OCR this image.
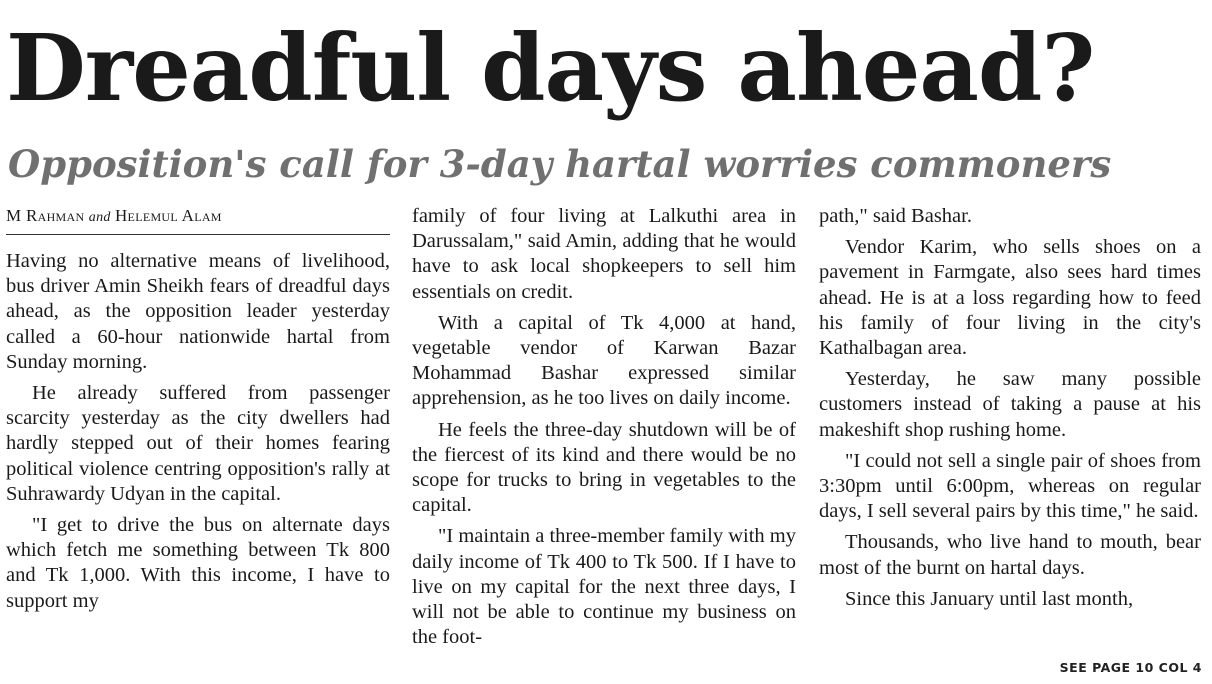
Dreadful days ahead?
Opposition's call for 3-day hartal worries commoners
M Rahman and Helemul Alam

Having no alternative means of livelihood, bus driver Amin Sheikh fears of dreadful days ahead, as the opposition leader yesterday called a 60-hour nationwide hartal from Sunday morning.

He already suffered from passenger scarcity yesterday as the city dwellers had hardly stepped out of their homes fearing political violence centring opposition's rally at Suhrawardy Udyan in the capital.

"I get to drive the bus on alternate days which fetch me something between Tk 800 and Tk 1,000. With this income, I have to support my

family of four living at Lalkuthi area in Darussalam," said Amin, adding that he would have to ask local shopkeepers to sell him essentials on credit.

With a capital of Tk 4,000 at hand, vegetable vendor of Karwan Bazar Mohammad Bashar expressed similar apprehension, as he too lives on daily income.

He feels the three-day shutdown will be of the fiercest of its kind and there would be no scope for trucks to bring in vegetables to the capital.

"I maintain a three-member family with my daily income of Tk 400 to Tk 500. If I have to live on my capital for the next three days, I will not be able to continue my business on the foot-

path," said Bashar.

Vendor Karim, who sells shoes on a pavement in Farmgate, also sees hard times ahead. He is at a loss regarding how to feed his family of four living in the city's Kathalbagan area.

Yesterday, he saw many possible customers instead of taking a pause at his makeshift shop rushing home.

"I could not sell a single pair of shoes from 3:30pm until 6:00pm, whereas on regular days, I sell several pairs by this time," he said.

Thousands, who live hand to mouth, bear most of the burnt on hartal days.

Since this January until last month,

SEE PAGE 10 COL 4
